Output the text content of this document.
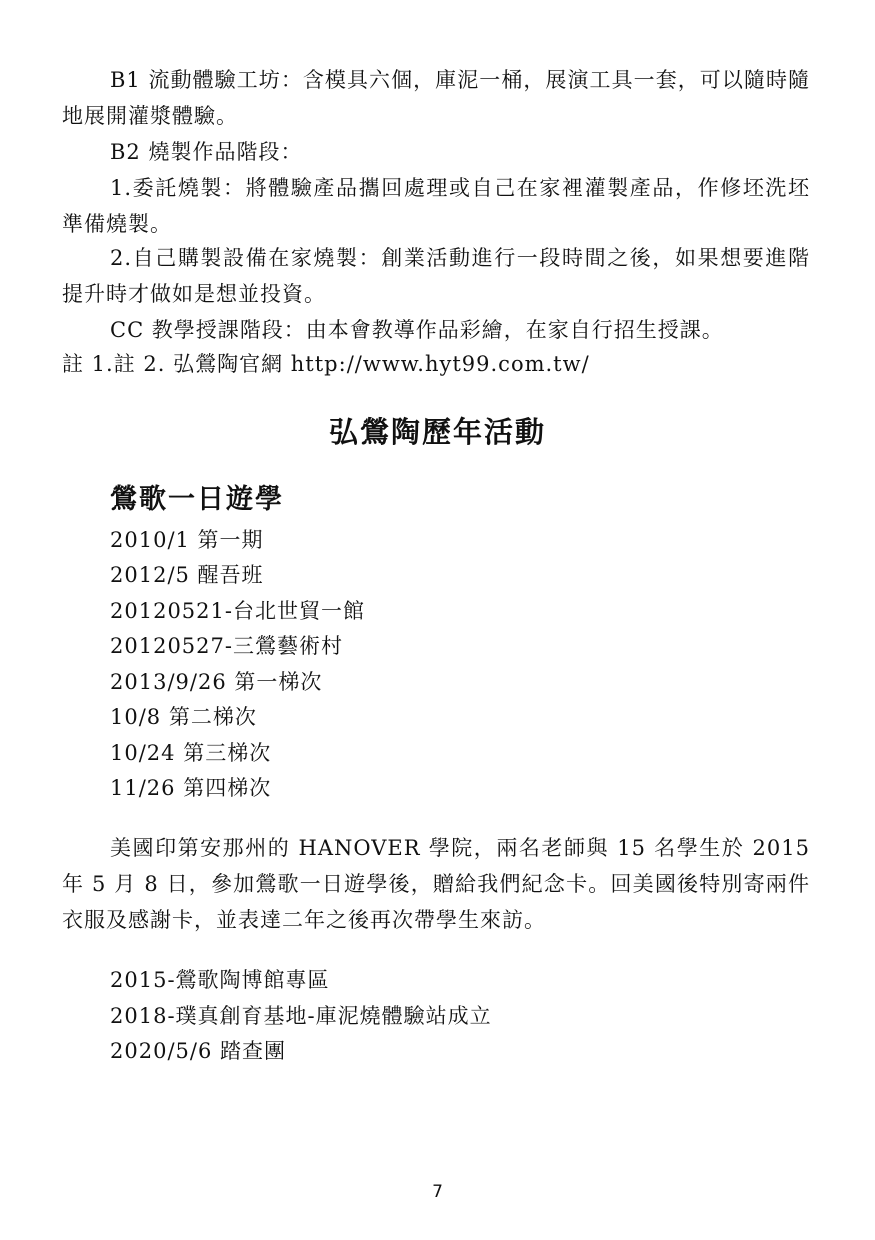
B1 流動體驗工坊：含模具六個，庫泥一桶，展演工具一套，可以隨時隨地展開灌漿體驗。

B2 燒製作品階段：

1.委託燒製：將體驗產品攜回處理或自己在家裡灌製產品，作修坯洗坯準備燒製。

2.自己購製設備在家燒製：創業活動進行一段時間之後，如果想要進階提升時才做如是想並投資。

CC 教學授課階段：由本會教導作品彩繪，在家自行招生授課。

註 1.註 2. 弘鶯陶官網 http://www.hyt99.com.tw/

弘鶯陶歷年活動
鶯歌一日遊學

2010/1 第一期

2012/5 醒吾班

20120521-台北世貿一館

20120527-三鶯藝術村

2013/9/26 第一梯次

10/8 第二梯次

10/24 第三梯次

11/26 第四梯次

美國印第安那州的 HANOVER 學院，兩名老師與 15 名學生於 2015 年 5 月 8 日，參加鶯歌一日遊學後，贈給我們紀念卡。回美國後特別寄兩件衣服及感謝卡，並表達二年之後再次帶學生來訪。

2015-鶯歌陶博館專區

2018-璞真創育基地-庫泥燒體驗站成立

2020/5/6 踏查團

7
